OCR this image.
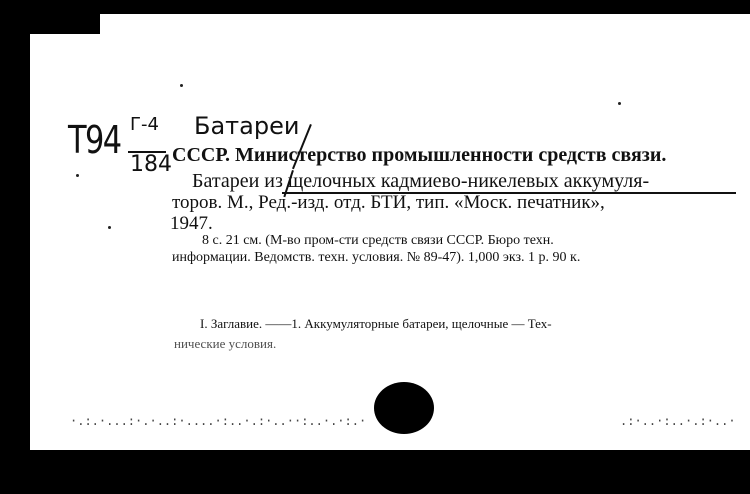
Т94 Г-4
184
Батареи
СССР. Министерство промышленности средств связи.
Батареи из щелочных кадмиево-никелевых аккумуля-
торов. М., Ред.-изд. отд. БТИ, тип. «Моск. печатник»,
1947.
8 с. 21 см. (М-во пром-сти средств связи СССР. Бюро техн.
информации. Ведомств. техн. условия. № 89-47). 1,000 экз. 1 р. 90 к.
I. Заглавие. ——1. Аккумуляторные батареи, щелочные — Тех-
нические условия.
·.:.·...:·.·..:·....·:..·.:·..··:..·.·:.·	.:·..·:..·.:·..·
